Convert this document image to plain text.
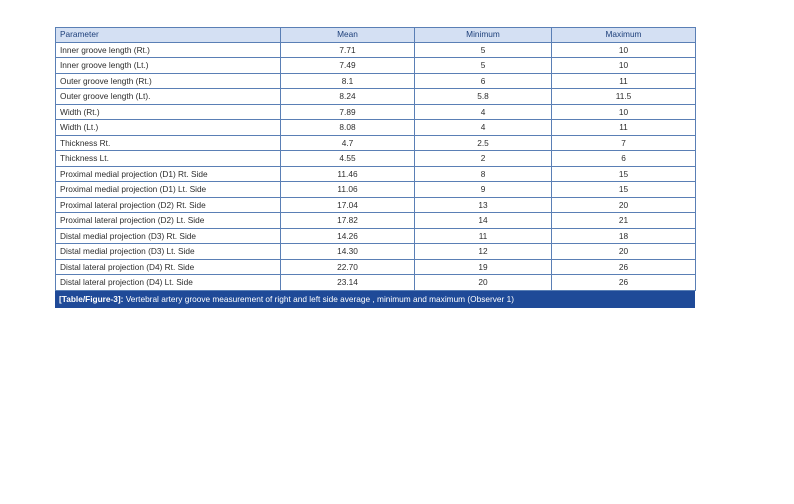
Parameter	Mean	Minimum	Maximum
Inner groove length (Rt.)	7.71	5	10
Inner groove length (Lt.)	7.49	5	10
Outer groove length (Rt.)	8.1	6	11
Outer groove length (Lt).	8.24	5.8	11.5
Width (Rt.)	7.89	4	10
Width (Lt.)	8.08	4	11
Thickness Rt.	4.7	2.5	7
Thickness Lt.	4.55	2	6
Proximal medial projection (D1) Rt. Side	11.46	8	15
Proximal medial projection (D1) Lt. Side	11.06	9	15
Proximal lateral projection (D2) Rt. Side	17.04	13	20
Proximal lateral projection (D2) Lt. Side	17.82	14	21
Distal medial projection (D3) Rt. Side	14.26	11	18
Distal medial projection (D3) Lt. Side	14.30	12	20
Distal lateral projection (D4) Rt. Side	22.70	19	26
Distal lateral projection (D4) Lt. Side	23.14	20	26
[Table/Figure-3]: Vertebral artery groove measurement of right and left side average , minimum and maximum (Observer 1)
